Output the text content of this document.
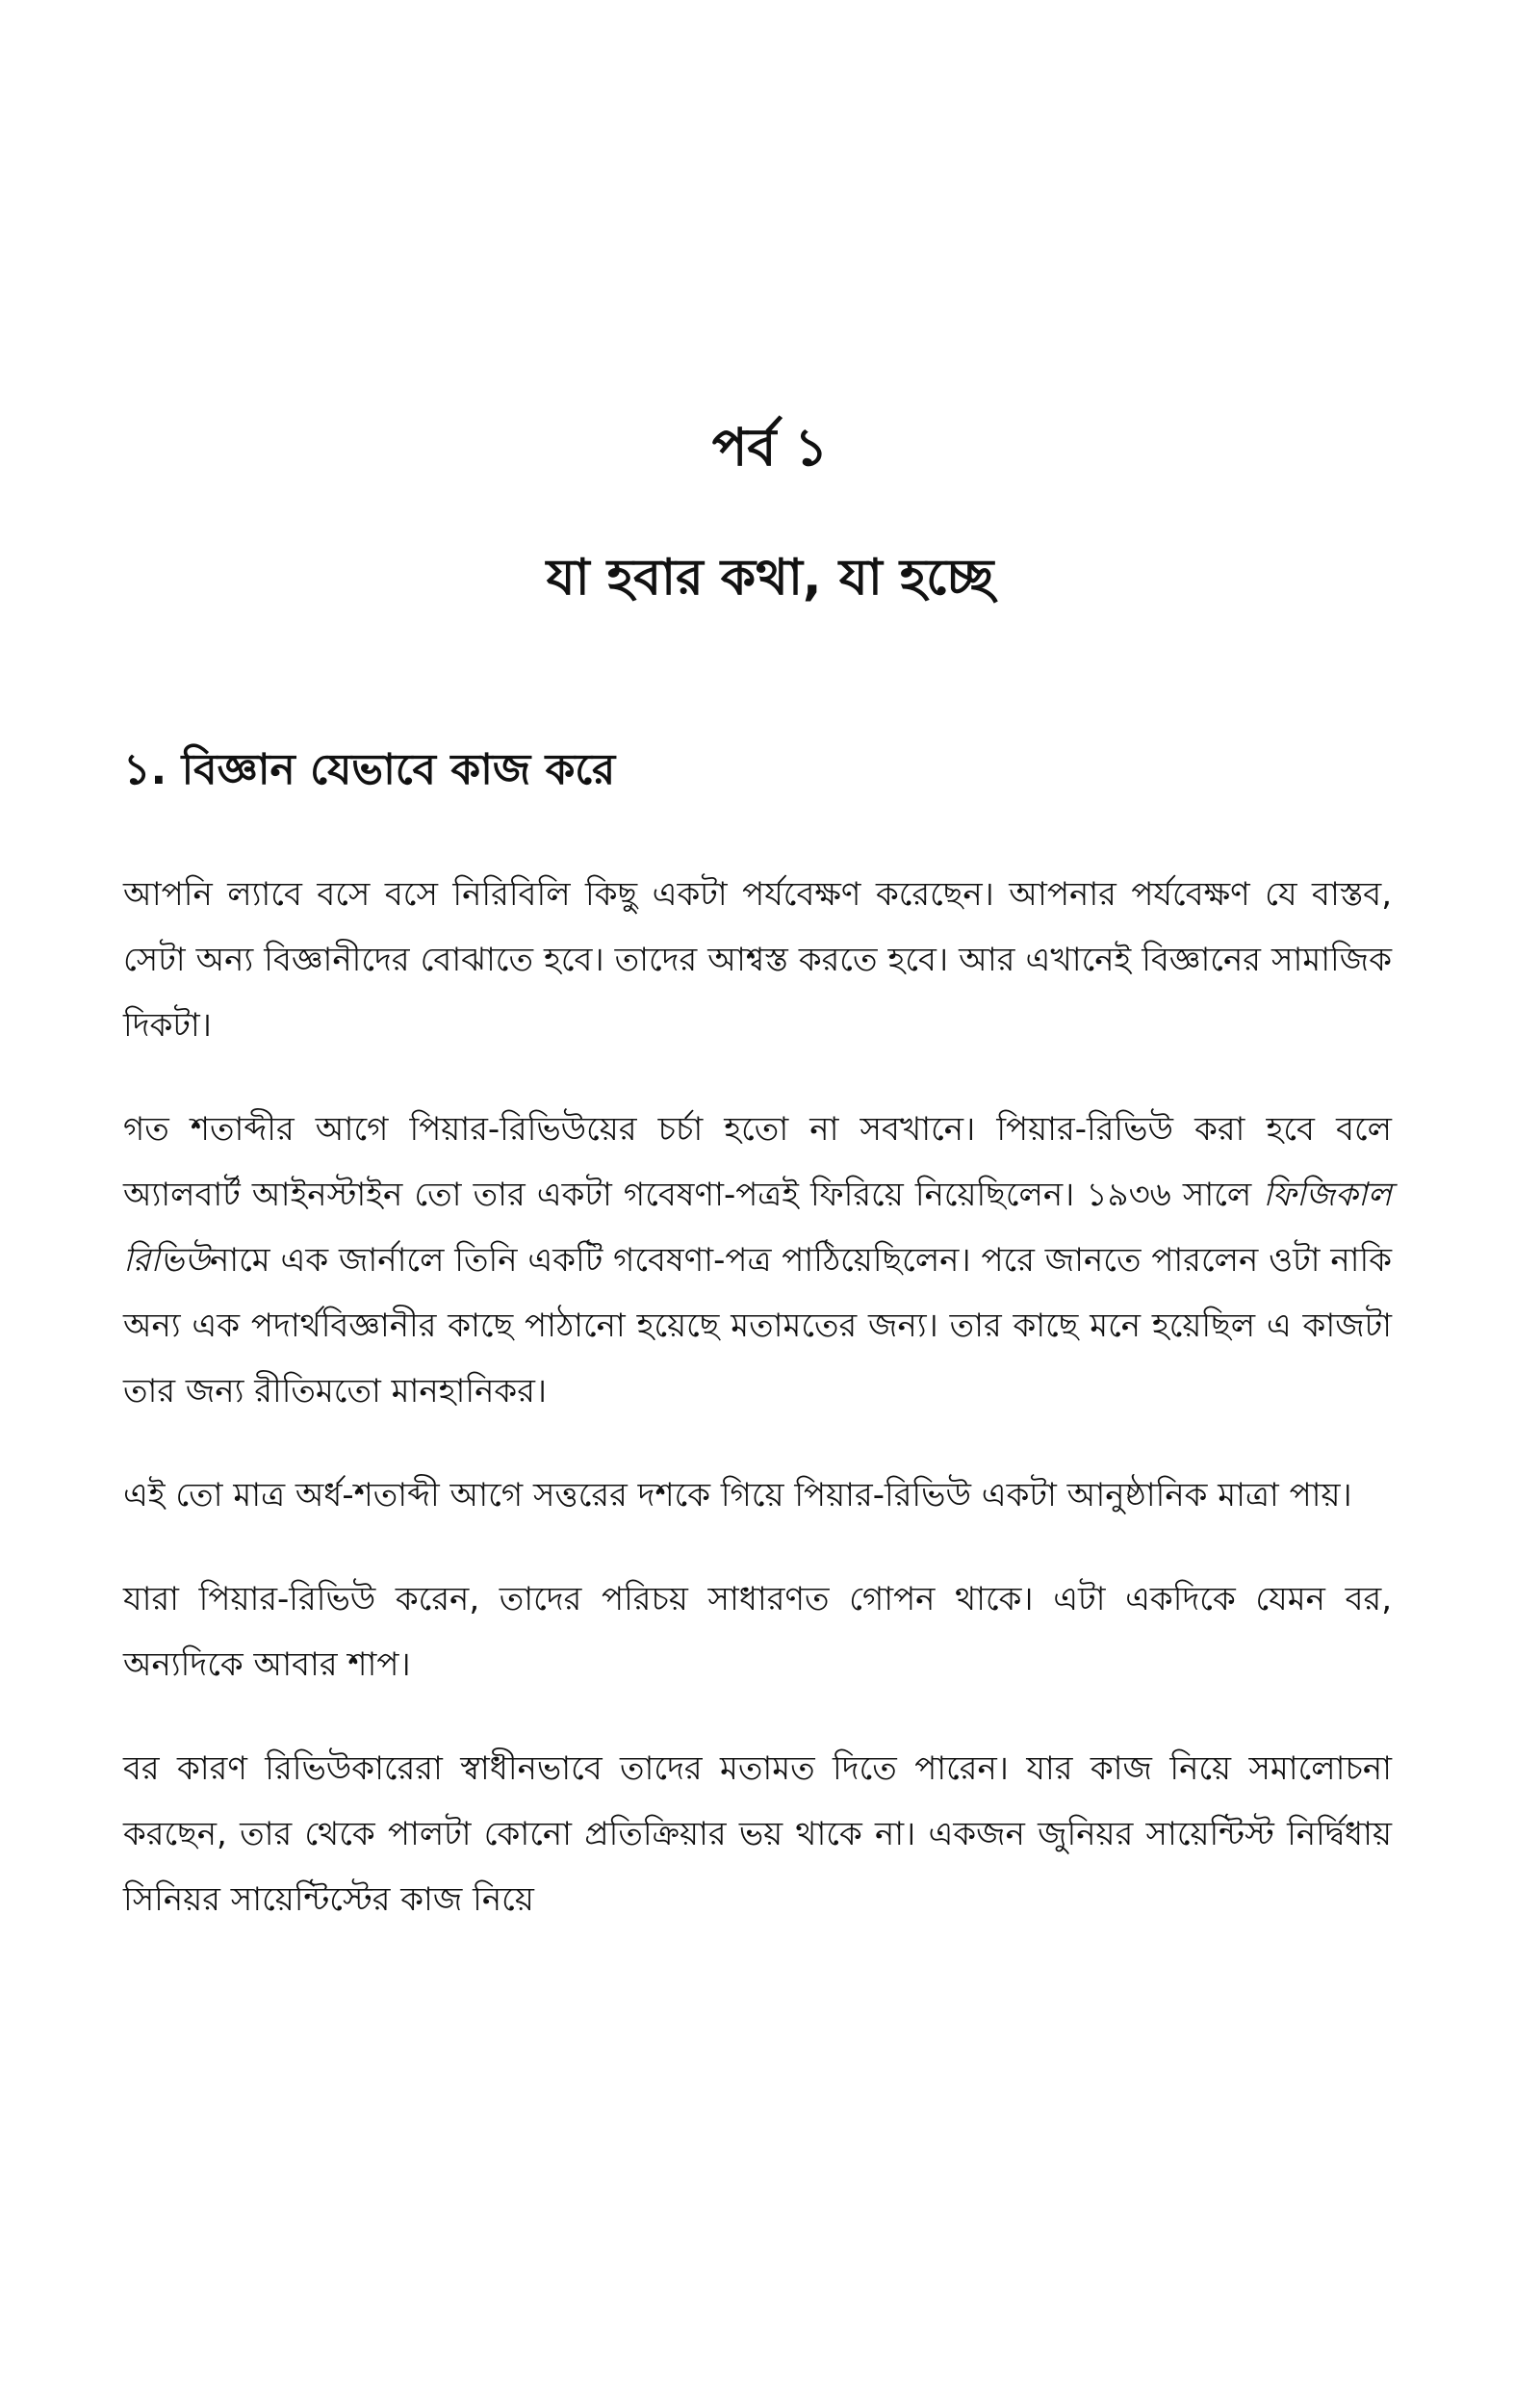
পর্ব ১
যা হবার কথা, যা হচ্ছে
১. বিজ্ঞান যেভাবে কাজ করে

আপনি ল্যাবে বসে বসে নিরিবিলি কিছু একটা পর্যবেক্ষণ করেছেন। আপনার পর্যবেক্ষণ যে বাস্তব, সেটা অন্য বিজ্ঞানীদের বোঝাতে হবে। তাদের আশ্বস্ত করতে হবে। আর এখানেই বিজ্ঞানের সামাজিক দিকটা।

গত শতাব্দীর আগে পিয়ার-রিভিউয়ের চর্চা হতো না সবখানে। পিয়ার-রিভিউ করা হবে বলে অ্যালবার্ট আইনস্টাইন তো তার একটা গবেষণা-পত্রই ফিরিয়ে নিয়েছিলেন। ১৯৩৬ সালে ফিজিকাল রিভিউনামে এক জার্নালে তিনি একটি গবেষণা-পত্র পাঠিয়েছিলেন। পরে জানতে পারলেন ওটা নাকি অন্য এক পদার্থবিজ্ঞানীর কাছে পাঠানো হয়েছে মতামতের জন্য। তার কাছে মনে হয়েছিল এ কাজটা তার জন্য রীতিমতো মানহানিকর।

এই তো মাত্র অর্ধ-শতাব্দী আগে সত্তরের দশকে গিয়ে পিয়ার-রিভিউ একটা আনুষ্ঠানিক মাত্রা পায়।

যারা পিয়ার-রিভিউ করেন, তাদের পরিচয় সাধারণত গোপন থাকে। এটা একদিকে যেমন বর, অন্যদিকে আবার শাপ।

বর কারণ রিভিউকারেরা স্বাধীনভাবে তাদের মতামত দিতে পারেন। যার কাজ নিয়ে সমালোচনা করছেন, তার থেকে পালটা কোনো প্রতিক্রিয়ার ভয় থাকে না। একজন জুনিয়র সায়েন্টিস্ট নির্দ্বিধায় সিনিয়র সায়েন্টিস্টের কাজ নিয়ে
